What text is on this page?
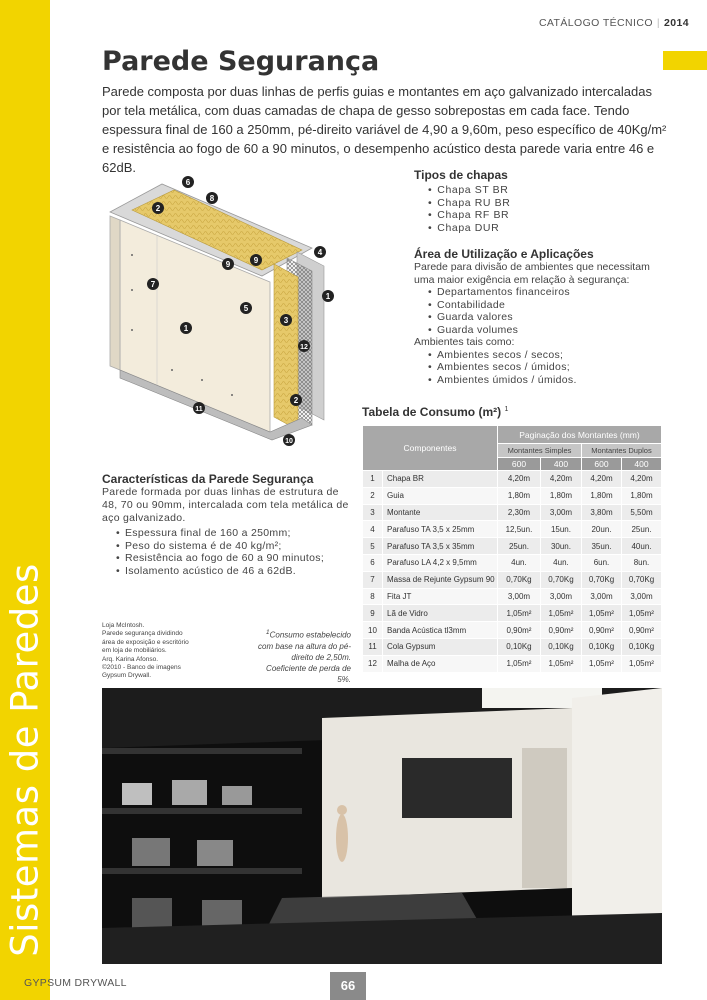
Sistemas de Paredes
CATÁLOGO TÉCNICO | 2014
Parede Segurança

Parede composta por duas linhas de perfis guias e montantes em aço galvanizado intercaladas por tela metálica, com duas camadas de chapa de gesso sobrepostas em cada face. Tendo espessura final de 160 a 250mm, pé-direito variável de 4,90 a 9,60m, peso específico de 40Kg/m² e resistência ao fogo de 60 a 90 minutos, o desempenho acústico desta parede varia entre 46 e 62dB.

6
8
2
9	9
4
7
1
5
3
1
12
11
2
10
Tipos de chapas
• Chapa ST BR
• Chapa RU BR
• Chapa RF BR
• Chapa DUR
Área de Utilização e Aplicações

Parede para divisão de ambientes que necessitam uma maior exigência em relação à segurança:

• Departamentos financeiros
• Contabilidade
• Guarda valores
• Guarda volumes

Ambientes tais como:

• Ambientes secos / secos;
• Ambientes secos / úmidos;
• Ambientes úmidos / úmidos.
Tabela de Consumo (m²) $^1$
Componentes		Paginação dos Montantes (mm)			
		Montantes Simples		Montantes Duplos	
		600	400	600	400
1	Chapa BR	4,20m	4,20m	4,20m	4,20m
2	Guia	1,80m	1,80m	1,80m	1,80m
3	Montante	2,30m	3,00m	3,80m	5,50m
4	Parafuso TA 3,5 x 25mm	12,5un.	15un.	20un.	25un.
5	Parafuso TA 3,5 x 35mm	25un.	30un.	35un.	40un.
6	Parafuso LA 4,2 x 9,5mm	4un.	4un.	6un.	8un.
7	Massa de Rejunte Gypsum 90	0,70Kg	0,70Kg	0,70Kg	0,70Kg
8	Fita JT	3,00m	3,00m	3,00m	3,00m
9	Lã de Vidro	1,05m²	1,05m²	1,05m²	1,05m²
10	Banda Acústica tl3mm	0,90m²	0,90m²	0,90m²	0,90m²
11	Cola Gypsum	0,10Kg	0,10Kg	0,10Kg	0,10Kg
12	Malha de Aço	1,05m²	1,05m²	1,05m²	1,05m²
Características da Parede Segurança

Parede formada por duas linhas de estrutura de 48, 70 ou 90mm, intercalada com tela metálica de aço galvanizado.

• Espessura final de 160 a 250mm;
• Peso do sistema é de 40 kg/m²;
• Resistência ao fogo de 60 a 90 minutos;
• Isolamento acústico de 46 a 62dB.
Loja McIntosh.
Parede segurança dividindo
área de exposição e escritório
em loja de mobiliários.
Arq. Karina Afonso.
©2010 - Banco de imagens
Gypsum Drywall.
$^1$Consumo estabelecido com base na altura do pé-direito de 2,50m. Coeficiente de perda de 5%.
GYPSUM DRYWALL	66
